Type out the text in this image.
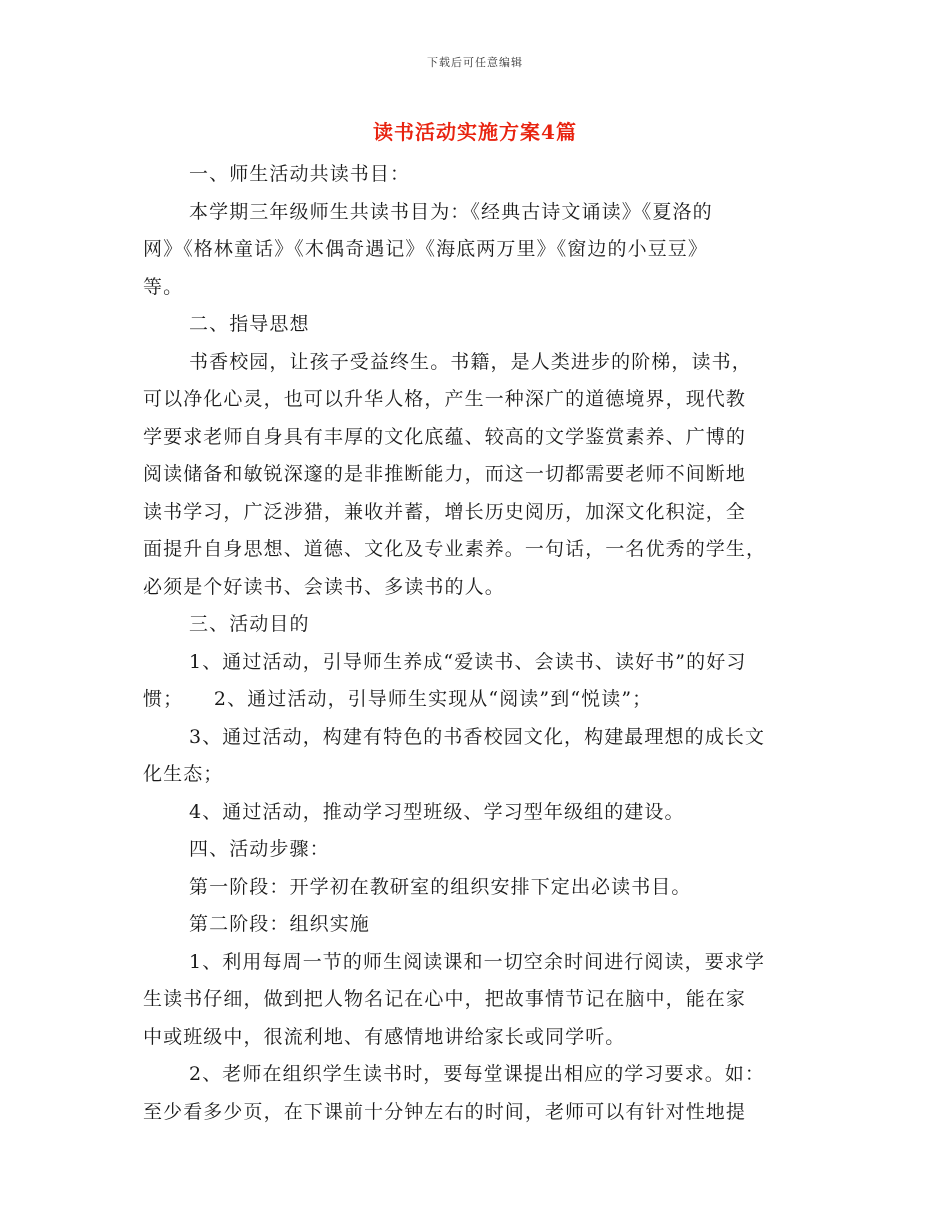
下载后可任意编辑
读书活动实施方案4篇
一、师生活动共读书目：
本学期三年级师生共读书目为：《经典古诗文诵读》《夏洛的
网》《格林童话》《木偶奇遇记》《海底两万里》《窗边的小豆豆》
等。
二、指导思想
书香校园，让孩子受益终生。书籍，是人类进步的阶梯，读书，
可以净化心灵，也可以升华人格，产生一种深广的道德境界，现代教
学要求老师自身具有丰厚的文化底蕴、较高的文学鉴赏素养、广博的
阅读储备和敏锐深邃的是非推断能力，而这一切都需要老师不间断地
读书学习，广泛涉猎，兼收并蓄，增长历史阅历，加深文化积淀，全
面提升自身思想、道德、文化及专业素养。一句话，一名优秀的学生，
必须是个好读书、会读书、多读书的人。
三、活动目的
1、通过活动，引导师生养成“爱读书、会读书、读好书”的好习
惯；　　2、通过活动，引导师生实现从“阅读”到“悦读”；
3、通过活动，构建有特色的书香校园文化，构建最理想的成长文
化生态；
4、通过活动，推动学习型班级、学习型年级组的建设。
四、活动步骤：
第一阶段：开学初在教研室的组织安排下定出必读书目。
第二阶段：组织实施
1、利用每周一节的师生阅读课和一切空余时间进行阅读，要求学
生读书仔细，做到把人物名记在心中，把故事情节记在脑中，能在家
中或班级中，很流利地、有感情地讲给家长或同学听。
2、老师在组织学生读书时，要每堂课提出相应的学习要求。如：
至少看多少页，在下课前十分钟左右的时间，老师可以有针对性地提
